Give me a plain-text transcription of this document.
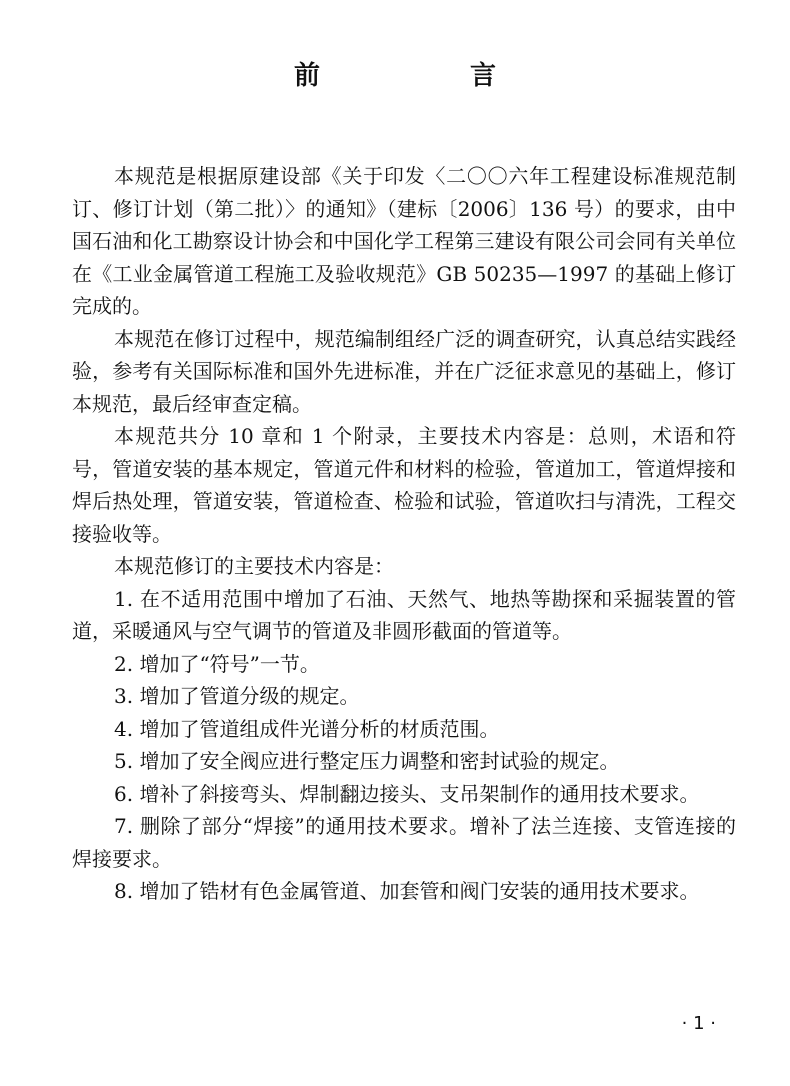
前　言

本规范是根据原建设部《关于印发〈二〇〇六年工程建设标准规范制订、修订计划（第二批）〉的通知》（建标〔2006〕136 号）的要求，由中国石油和化工勘察设计协会和中国化学工程第三建设有限公司会同有关单位在《工业金属管道工程施工及验收规范》GB 50235—1997 的基础上修订完成的。

本规范在修订过程中，规范编制组经广泛的调查研究，认真总结实践经验，参考有关国际标准和国外先进标准，并在广泛征求意见的基础上，修订本规范，最后经审查定稿。

本规范共分 10 章和 1 个附录，主要技术内容是：总则，术语和符号，管道安装的基本规定，管道元件和材料的检验，管道加工，管道焊接和焊后热处理，管道安装，管道检查、检验和试验，管道吹扫与清洗，工程交接验收等。

本规范修订的主要技术内容是：

1. 在不适用范围中增加了石油、天然气、地热等勘探和采掘装置的管道，采暖通风与空气调节的管道及非圆形截面的管道等。

2. 增加了“符号”一节。

3. 增加了管道分级的规定。

4. 增加了管道组成件光谱分析的材质范围。

5. 增加了安全阀应进行整定压力调整和密封试验的规定。

6. 增补了斜接弯头、焊制翻边接头、支吊架制作的通用技术要求。

7. 删除了部分“焊接”的通用技术要求。增补了法兰连接、支管连接的焊接要求。

8. 增加了锆材有色金属管道、加套管和阀门安装的通用技术要求。

· 1 ·
